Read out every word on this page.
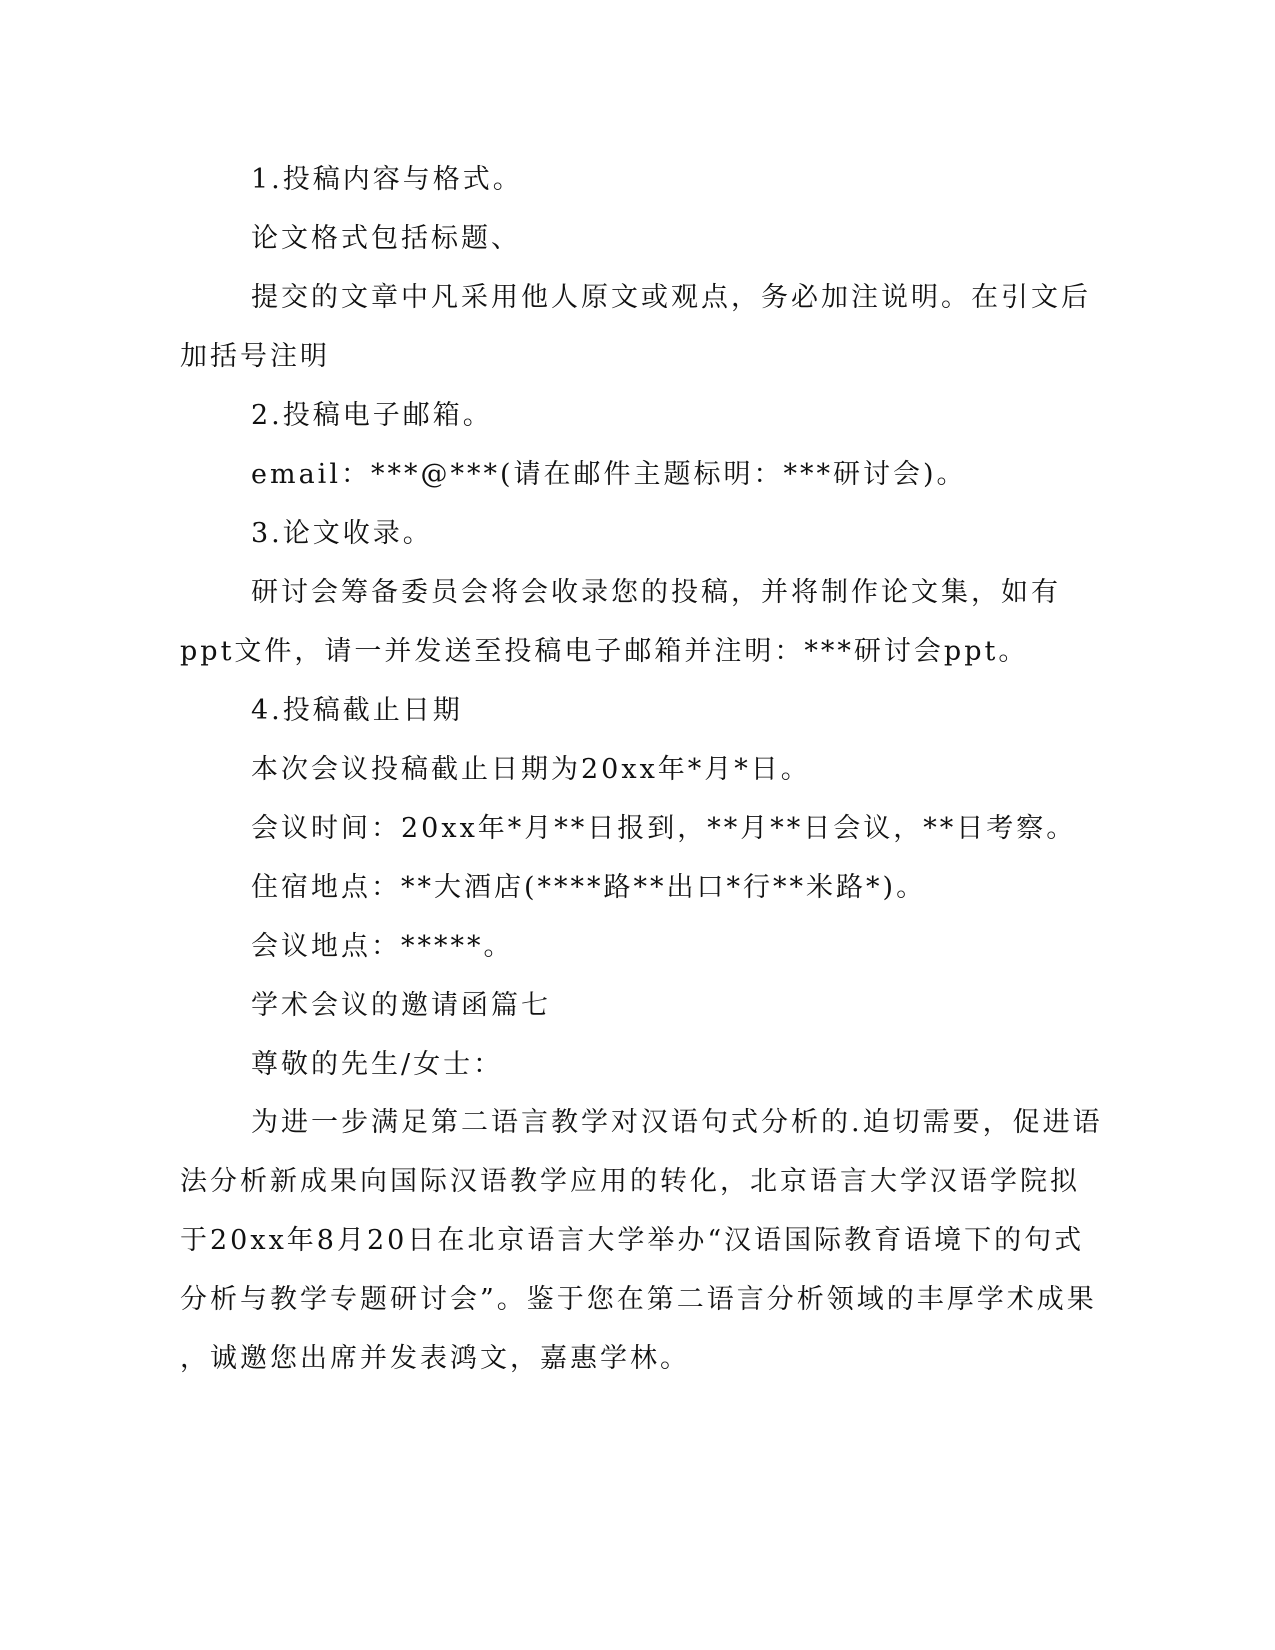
1.投稿内容与格式。

论文格式包括标题、

提交的文章中凡采用他人原文或观点，务必加注说明。在引文后

加括号注明

2.投稿电子邮箱。

email：***@***(请在邮件主题标明：***研讨会)。

3.论文收录。

研讨会筹备委员会将会收录您的投稿，并将制作论文集，如有

ppt文件，请一并发送至投稿电子邮箱并注明：***研讨会ppt。

4.投稿截止日期

本次会议投稿截止日期为20xx年*月*日。

会议时间：20xx年*月**日报到，**月**日会议，**日考察。

住宿地点：**大酒店(****路**出口*行**米路*)。

会议地点：*****。

学术会议的邀请函篇七

尊敬的先生/女士：

为进一步满足第二语言教学对汉语句式分析的.迫切需要，促进语

法分析新成果向国际汉语教学应用的转化，北京语言大学汉语学院拟

于20xx年8月20日在北京语言大学举办“汉语国际教育语境下的句式

分析与教学专题研讨会”。鉴于您在第二语言分析领域的丰厚学术成果

，诚邀您出席并发表鸿文，嘉惠学林。
